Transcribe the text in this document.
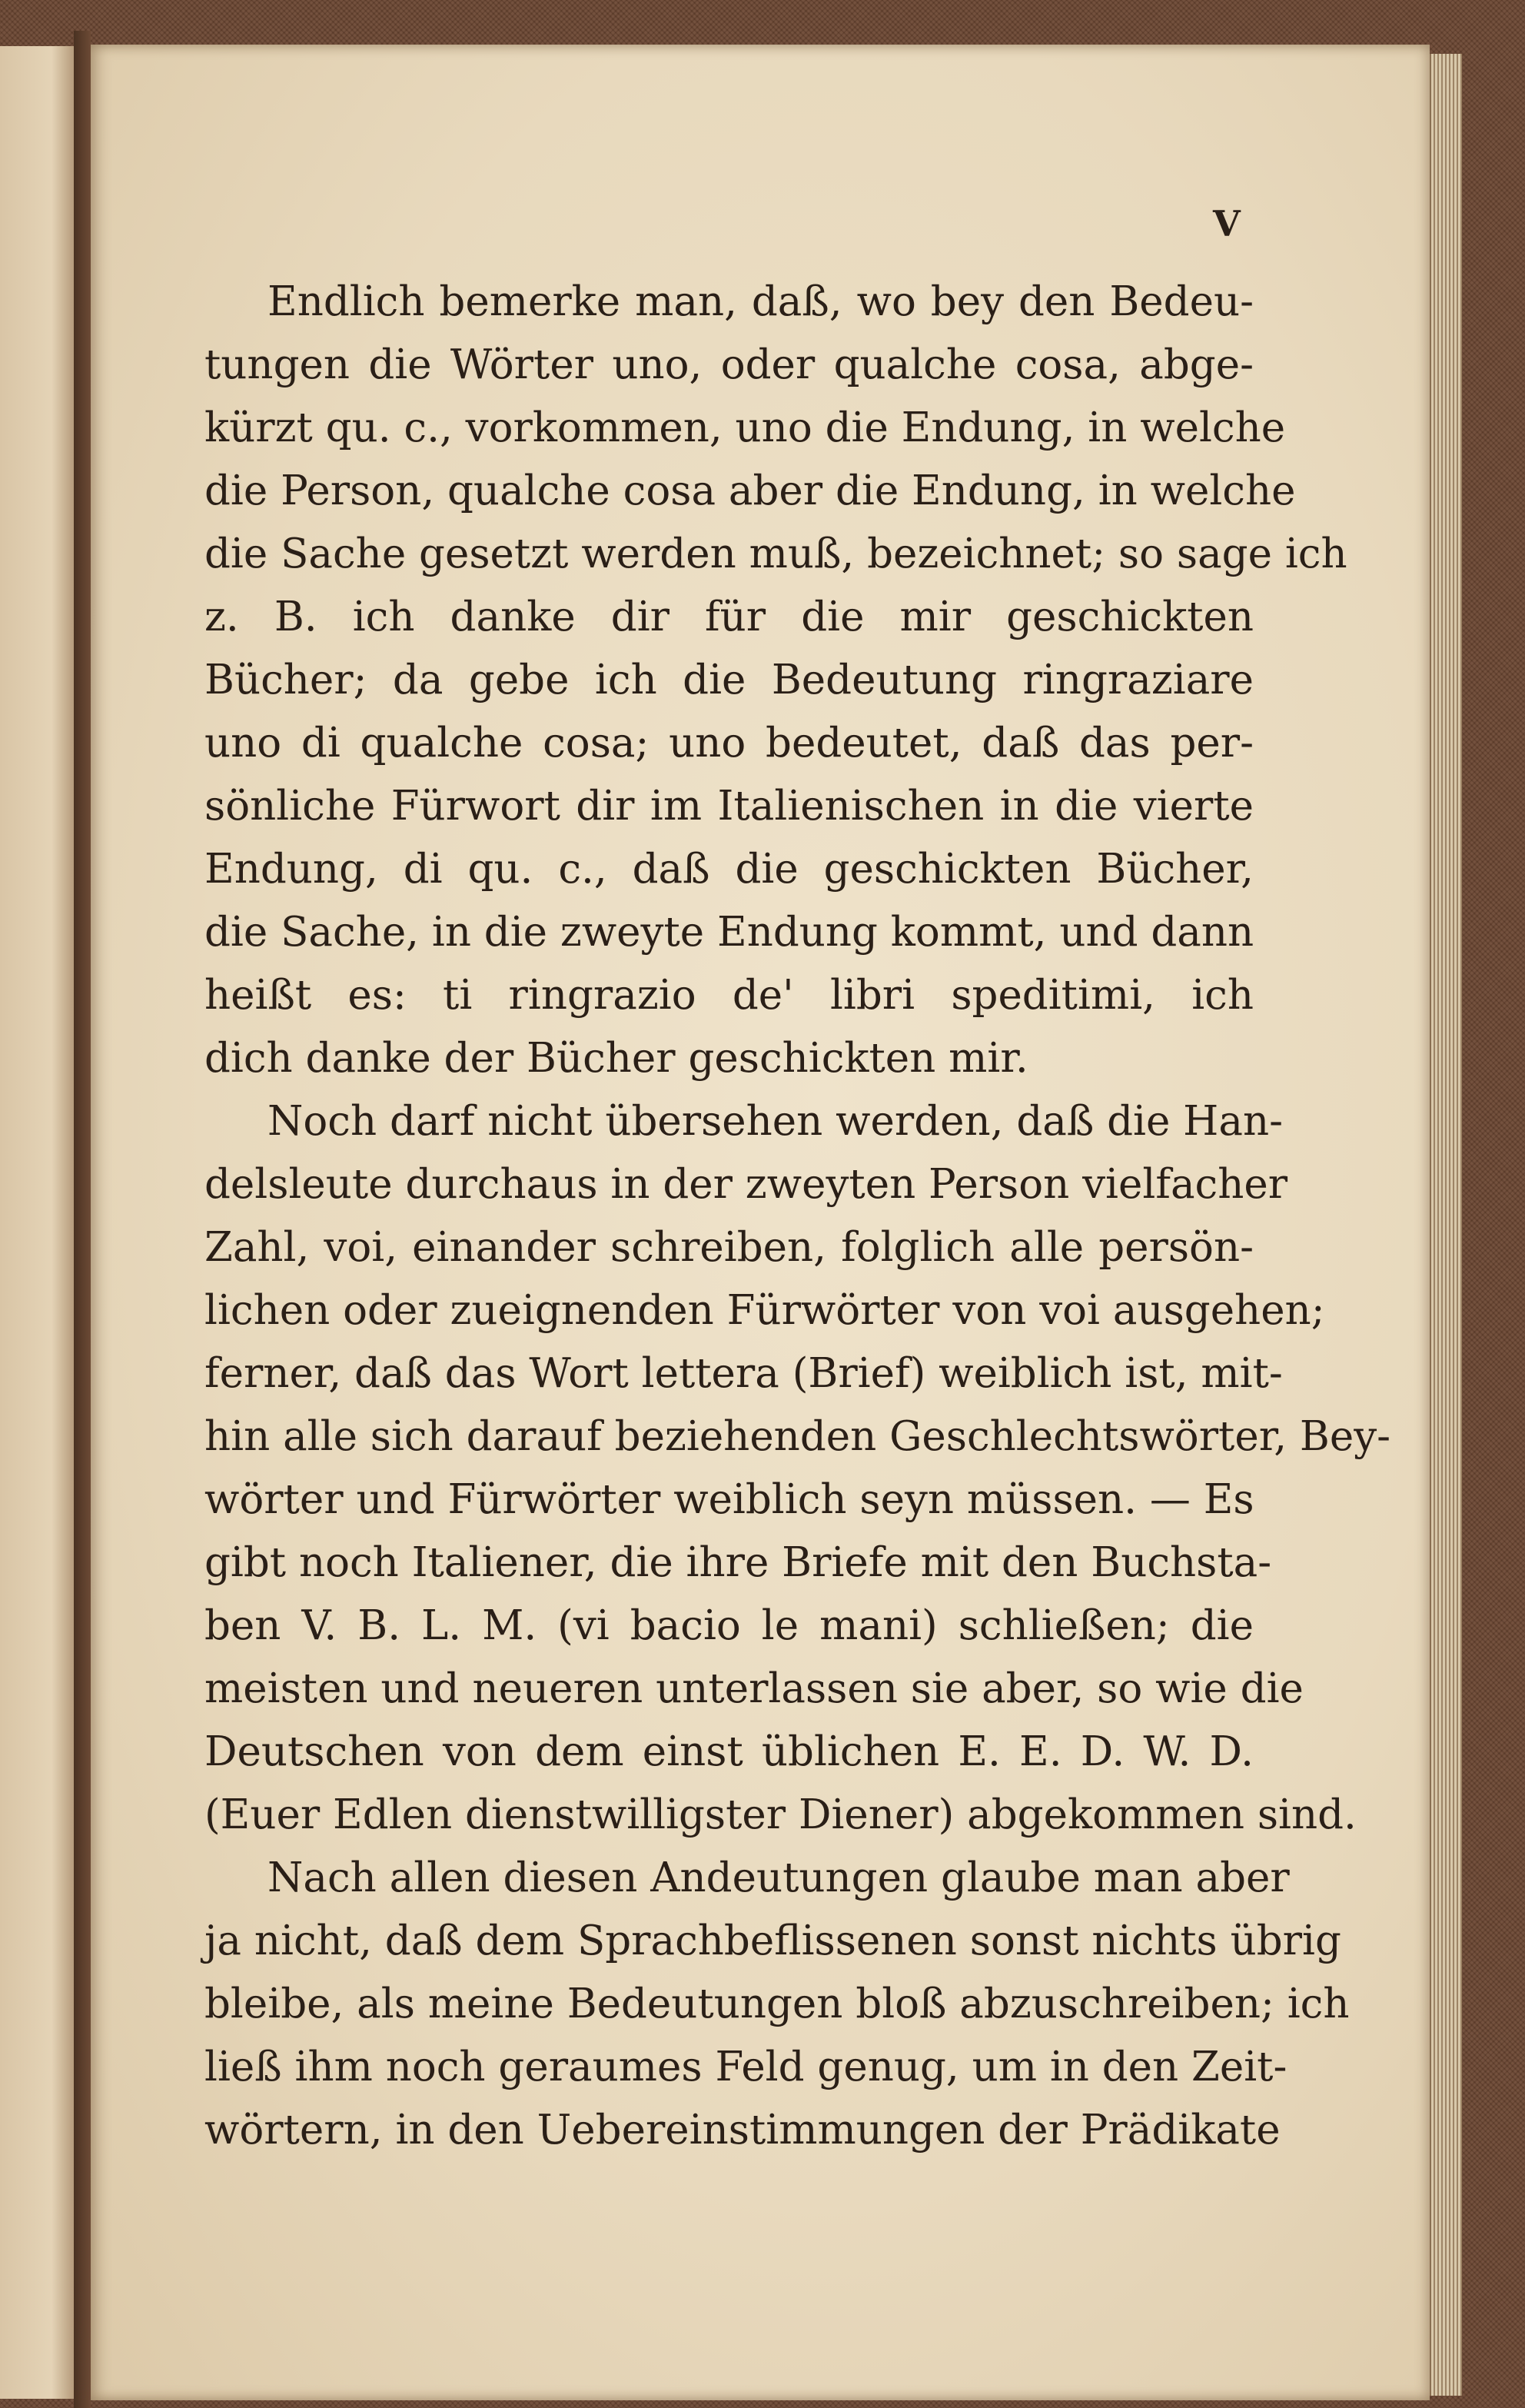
V
Endlich bemerke man, daß, wo bey den Bedeu-
tungen die Wörter uno, oder qualche cosa, abge-
kürzt qu. c., vorkommen, uno die Endung, in welche
die Person, qualche cosa aber die Endung, in welche
die Sache gesetzt werden muß, bezeichnet; so sage ich
z. B. ich danke dir für die mir geschickten
Bücher; da gebe ich die Bedeutung ringraziare
uno di qualche cosa; uno bedeutet, daß das per-
sönliche Fürwort dir im Italienischen in die vierte
Endung, di qu. c., daß die geschickten Bücher,
die Sache, in die zweyte Endung kommt, und dann
heißt es: ti ringrazio de' libri speditimi, ich
dich danke der Bücher geschickten mir.
Noch darf nicht übersehen werden, daß die Han-
delsleute durchaus in der zweyten Person vielfacher
Zahl, voi, einander schreiben, folglich alle persön-
lichen oder zueignenden Fürwörter von voi ausgehen;
ferner, daß das Wort lettera (Brief) weiblich ist, mit-
hin alle sich darauf beziehenden Geschlechtswörter, Bey-
wörter und Fürwörter weiblich seyn müssen. — Es
gibt noch Italiener, die ihre Briefe mit den Buchsta-
ben V. B. L. M. (vi bacio le mani) schließen; die
meisten und neueren unterlassen sie aber, so wie die
Deutschen von dem einst üblichen E. E. D. W. D.
(Euer Edlen dienstwilligster Diener) abgekommen sind.
Nach allen diesen Andeutungen glaube man aber
ja nicht, daß dem Sprachbeflissenen sonst nichts übrig
bleibe, als meine Bedeutungen bloß abzuschreiben; ich
ließ ihm noch geraumes Feld genug, um in den Zeit-
wörtern, in den Uebereinstimmungen der Prädikate
